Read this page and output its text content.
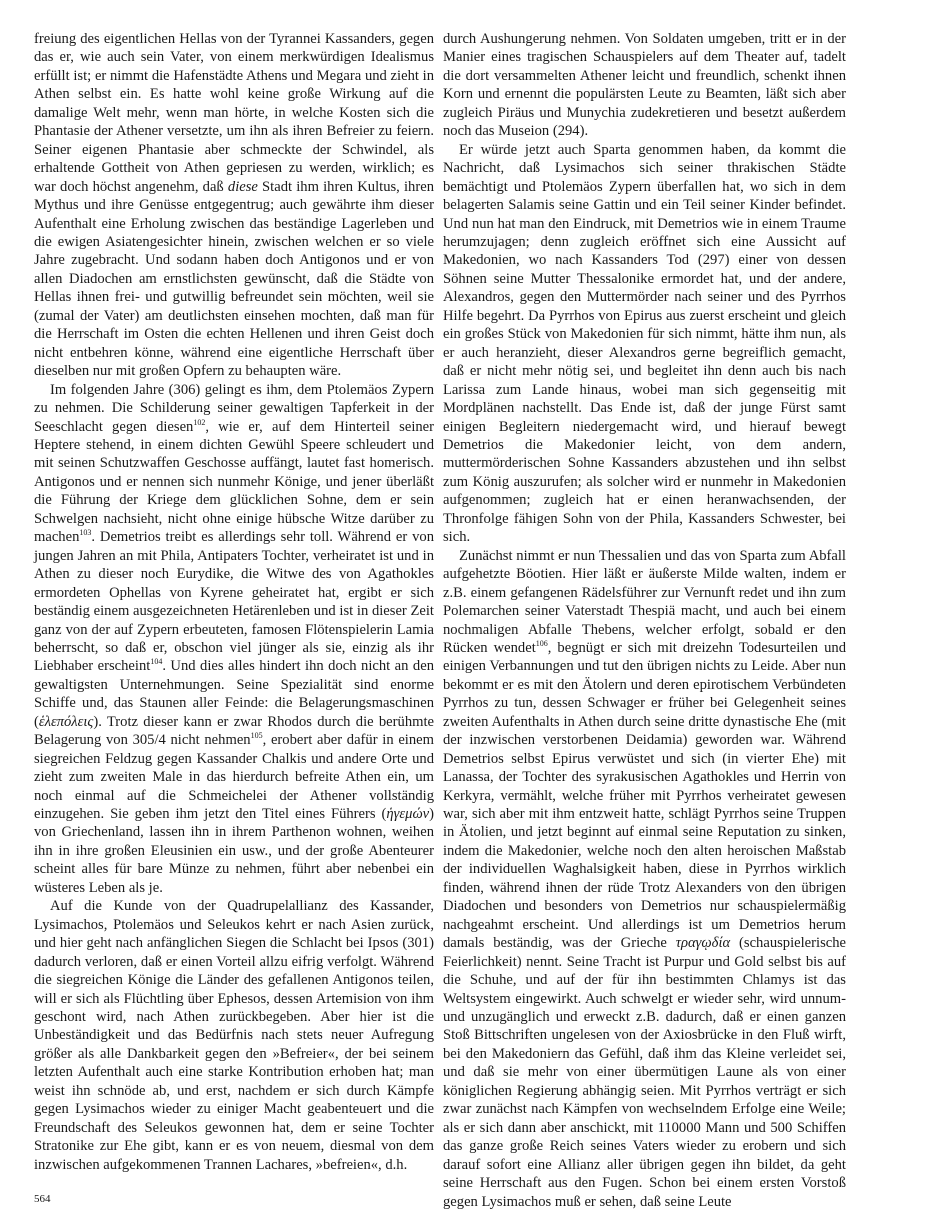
freiung des eigentlichen Hellas von der Tyrannei Kassanders, gegen das er, wie auch sein Vater, von einem merkwürdigen Idealismus erfüllt ist; er nimmt die Hafenstädte Athens und Megara und zieht in Athen selbst ein. Es hatte wohl keine große Wirkung auf die damalige Welt mehr, wenn man hörte, in welche Kosten sich die Phantasie der Athener versetzte, um ihn als ihren Befreier zu feiern. Seiner eigenen Phantasie aber schmeckte der Schwindel, als erhaltende Gottheit von Athen gepriesen zu werden, wirklich; es war doch höchst angenehm, daß diese Stadt ihm ihren Kultus, ihren Mythus und ihre Genüsse entgegentrug; auch gewährte ihm dieser Aufenthalt eine Erholung zwischen das beständige Lagerleben und die ewigen Asiatengesichter hinein, zwischen welchen er so viele Jahre zugebracht. Und sodann haben doch Antigonos und er von allen Diadochen am ernstlichsten gewünscht, daß die Städte von Hellas ihnen frei- und gutwillig befreundet sein möchten, weil sie (zumal der Vater) am deutlichsten einsehen mochten, daß man für die Herrschaft im Osten die echten Hellenen und ihren Geist doch nicht entbehren könne, während eine eigentliche Herrschaft über dieselben nur mit großen Opfern zu behaupten wäre.

Im folgenden Jahre (306) gelingt es ihm, dem Ptolemäos Zypern zu nehmen. Die Schilderung seiner gewaltigen Tapferkeit in der Seeschlacht gegen diesen$^{102}$, wie er, auf dem Hinterteil seiner Heptere stehend, in einem dichten Gewühl Speere schleudert und mit seinen Schutzwaffen Geschosse auffängt, lautet fast homerisch. Antigonos und er nennen sich nunmehr Könige, und jener überläßt die Führung der Kriege dem glücklichen Sohne, dem er sein Schwelgen nachsieht, nicht ohne einige hübsche Witze darüber zu machen$^{103}$. Demetrios treibt es allerdings sehr toll. Während er von jungen Jahren an mit Phila, Antipaters Tochter, verheiratet ist und in Athen zu dieser noch Eurydike, die Witwe des von Agathokles ermordeten Ophellas von Kyrene geheiratet hat, ergibt er sich beständig einem ausgezeichneten Hetärenleben und ist in dieser Zeit ganz von der auf Zypern erbeuteten, famosen Flötenspielerin Lamia beherrscht, so daß er, obschon viel jünger als sie, einzig als ihr Liebhaber erscheint$^{104}$. Und dies alles hindert ihn doch nicht an den gewaltigsten Unternehmungen. Seine Spezialität sind enorme Schiffe und, das Staunen aller Feinde: die Belagerungsmaschinen (ἑλεπόλεις). Trotz dieser kann er zwar Rhodos durch die berühmte Belagerung von 305/4 nicht nehmen$^{105}$, erobert aber dafür in einem siegreichen Feldzug gegen Kassander Chalkis und andere Orte und zieht zum zweiten Male in das hierdurch befreite Athen ein, um noch einmal auf die Schmeichelei der Athener vollständig einzugehen. Sie geben ihm jetzt den Titel eines Führers (ἡγεμών) von Griechenland, lassen ihn in ihrem Parthenon wohnen, weihen ihn in ihre großen Eleusinien ein usw., und der große Abenteurer scheint alles für bare Münze zu nehmen, führt aber nebenbei ein wüsteres Leben als je.

Auf die Kunde von der Quadrupelallianz des Kassander, Lysimachos, Ptolemäos und Seleukos kehrt er nach Asien zurück, und hier geht nach anfänglichen Siegen die Schlacht bei Ipsos (301) dadurch verloren, daß er einen Vorteil allzu eifrig verfolgt. Während die siegreichen Könige die Länder des gefallenen Antigonos teilen, will er sich als Flüchtling über Ephesos, dessen Artemision von ihm geschont wird, nach Athen zurückbegeben. Aber hier ist die Unbeständigkeit und das Bedürfnis nach stets neuer Aufregung größer als alle Dankbarkeit gegen den »Befreier«, der bei seinem letzten Aufenthalt auch eine starke Kontribution erhoben hat; man weist ihn schnöde ab, und erst, nachdem er sich durch Kämpfe gegen Lysimachos wieder zu einiger Macht geabenteuert und die Freundschaft des Seleukos gewonnen hat, dem er seine Tochter Stratonike zur Ehe gibt, kann er es von neuem, diesmal von dem inzwischen aufgekommenen Trannen Lachares, »befreien«, d.h.

durch Aushungerung nehmen. Von Soldaten umgeben, tritt er in der Manier eines tragischen Schauspielers auf dem Theater auf, tadelt die dort versammelten Athener leicht und freundlich, schenkt ihnen Korn und ernennt die populärsten Leute zu Beamten, läßt sich aber zugleich Piräus und Munychia zudekretieren und besetzt außerdem noch das Museion (294).

Er würde jetzt auch Sparta genommen haben, da kommt die Nachricht, daß Lysimachos sich seiner thrakischen Städte bemächtigt und Ptolemäos Zypern überfallen hat, wo sich in dem belagerten Salamis seine Gattin und ein Teil seiner Kinder befindet. Und nun hat man den Eindruck, mit Demetrios wie in einem Traume herumzujagen; denn zugleich eröffnet sich eine Aussicht auf Makedonien, wo nach Kassanders Tod (297) einer von dessen Söhnen seine Mutter Thessalonike ermordet hat, und der andere, Alexandros, gegen den Muttermörder nach seiner und des Pyrrhos Hilfe begehrt. Da Pyrrhos von Epirus aus zuerst erscheint und gleich ein großes Stück von Makedonien für sich nimmt, hätte ihm nun, als er auch heranzieht, dieser Alexandros gerne begreiflich gemacht, daß er nicht mehr nötig sei, und begleitet ihn denn auch bis nach Larissa zum Lande hinaus, wobei man sich gegenseitig mit Mordplänen nachstellt. Das Ende ist, daß der junge Fürst samt einigen Begleitern niedergemacht wird, und hierauf bewegt Demetrios die Makedonier leicht, von dem andern, muttermörderischen Sohne Kassanders abzustehen und ihn selbst zum König auszurufen; als solcher wird er nunmehr in Makedonien aufgenommen; zugleich hat er einen heranwachsenden, der Thronfolge fähigen Sohn von der Phila, Kassanders Schwester, bei sich.

Zunächst nimmt er nun Thessalien und das von Sparta zum Abfall aufgehetzte Böotien. Hier läßt er äußerste Milde walten, indem er z.B. einem gefangenen Rädelsführer zur Vernunft redet und ihn zum Polemarchen seiner Vaterstadt Thespiä macht, und auch bei einem nochmaligen Abfalle Thebens, welcher erfolgt, sobald er den Rücken wendet$^{106}$, begnügt er sich mit dreizehn Todesurteilen und einigen Verbannungen und tut den übrigen nichts zu Leide. Aber nun bekommt er es mit den Ätolern und deren epirotischem Verbündeten Pyrrhos zu tun, dessen Schwager er früher bei Gelegenheit seines zweiten Aufenthalts in Athen durch seine dritte dynastische Ehe (mit der inzwischen verstorbenen Deidamia) geworden war. Während Demetrios selbst Epirus verwüstet und sich (in vierter Ehe) mit Lanassa, der Tochter des syrakusischen Agathokles und Herrin von Kerkyra, vermählt, welche früher mit Pyrrhos verheiratet gewesen war, sich aber mit ihm entzweit hatte, schlägt Pyrrhos seine Truppen in Ätolien, und jetzt beginnt auf einmal seine Reputation zu sinken, indem die Makedonier, welche noch den alten heroischen Maßstab der individuellen Waghalsigkeit haben, diese in Pyrrhos wirklich finden, während ihnen der rüde Trotz Alexanders von den übrigen Diadochen und besonders von Demetrios nur schauspielermäßig nachgeahmt erscheint. Und allerdings ist um Demetrios herum damals beständig, was der Grieche τραγῳδία (schauspielerische Feierlichkeit) nennt. Seine Tracht ist Purpur und Gold selbst bis auf die Schuhe, und auf der für ihn bestimmten Chlamys ist das Weltsystem eingewirkt. Auch schwelgt er wieder sehr, wird unnum- und unzugänglich und erweckt z.B. dadurch, daß er einen ganzen Stoß Bittschriften ungelesen von der Axiosbrücke in den Fluß wirft, bei den Makedoniern das Gefühl, daß ihm das Kleine verleidet sei, und daß sie mehr von einer übermütigen Laune als von einer königlichen Regierung abhängig seien. Mit Pyrrhos verträgt er sich zwar zunächst nach Kämpfen von wechselndem Erfolge eine Weile; als er sich dann aber anschickt, mit 110000 Mann und 500 Schiffen das ganze große Reich seines Vaters wieder zu erobern und sich darauf sofort eine Allianz aller übrigen gegen ihn bildet, da geht seine Herrschaft aus den Fugen. Schon bei einem ersten Vorstoß gegen Lysimachos muß er sehen, daß seine Leute

564
